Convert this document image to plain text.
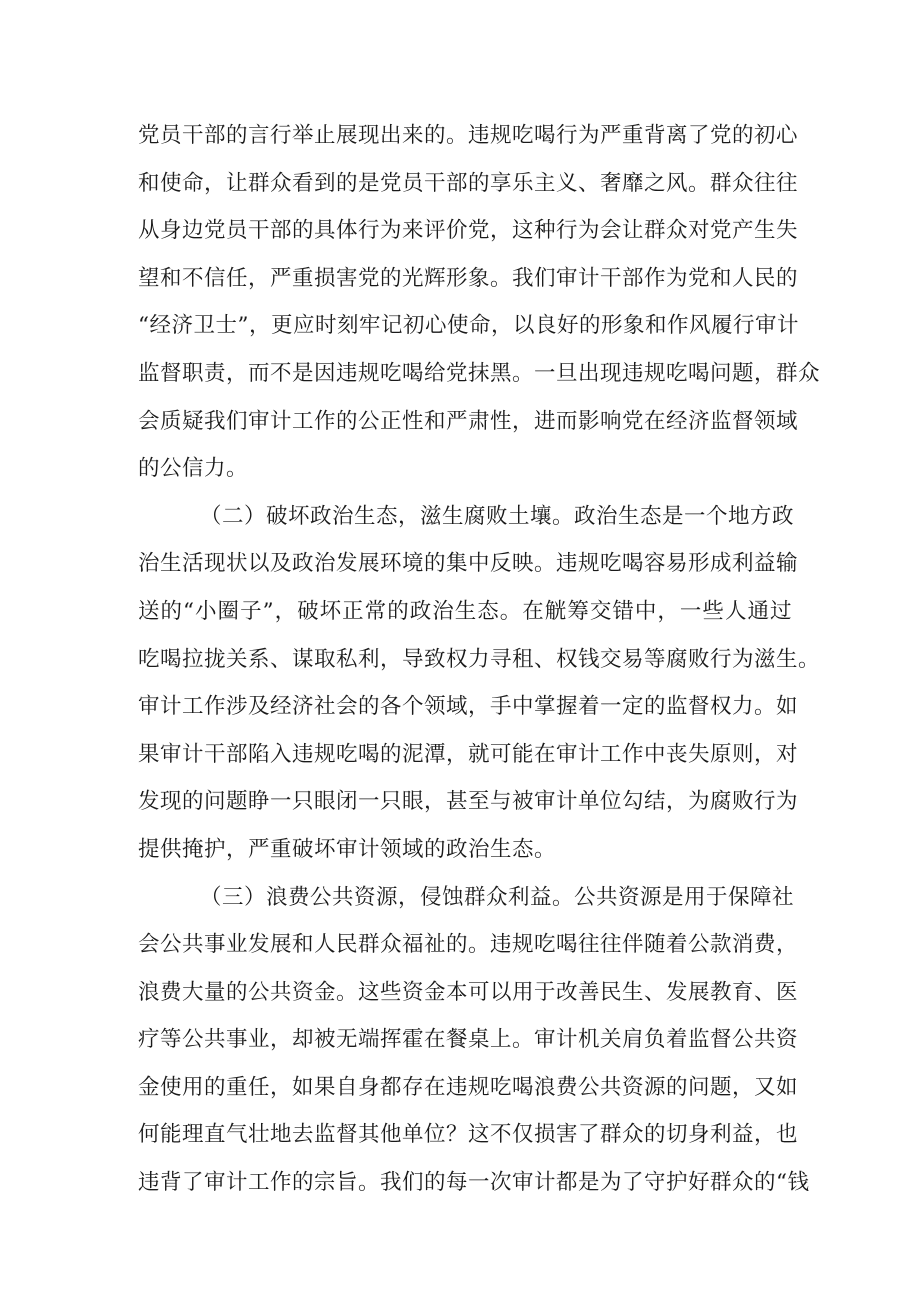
党员干部的言行举止展现出来的。违规吃喝行为严重背离了党的初心
和使命，让群众看到的是党员干部的享乐主义、奢靡之风。群众往往
从身边党员干部的具体行为来评价党，这种行为会让群众对党产生失
望和不信任，严重损害党的光辉形象。我们审计干部作为党和人民的
“经济卫士”，更应时刻牢记初心使命，以良好的形象和作风履行审计
监督职责，而不是因违规吃喝给党抹黑。一旦出现违规吃喝问题，群众
会质疑我们审计工作的公正性和严肃性，进而影响党在经济监督领域
的公信力。
（二）破坏政治生态，滋生腐败土壤。政治生态是一个地方政
治生活现状以及政治发展环境的集中反映。违规吃喝容易形成利益输
送的“小圈子”，破坏正常的政治生态。在觥筹交错中，一些人通过
吃喝拉拢关系、谋取私利，导致权力寻租、权钱交易等腐败行为滋生。
审计工作涉及经济社会的各个领域，手中掌握着一定的监督权力。如
果审计干部陷入违规吃喝的泥潭，就可能在审计工作中丧失原则，对
发现的问题睁一只眼闭一只眼，甚至与被审计单位勾结，为腐败行为
提供掩护，严重破坏审计领域的政治生态。
（三）浪费公共资源，侵蚀群众利益。公共资源是用于保障社
会公共事业发展和人民群众福祉的。违规吃喝往往伴随着公款消费，
浪费大量的公共资金。这些资金本可以用于改善民生、发展教育、医
疗等公共事业，却被无端挥霍在餐桌上。审计机关肩负着监督公共资
金使用的重任，如果自身都存在违规吃喝浪费公共资源的问题，又如
何能理直气壮地去监督其他单位？这不仅损害了群众的切身利益，也
违背了审计工作的宗旨。我们的每一次审计都是为了守护好群众的“钱
